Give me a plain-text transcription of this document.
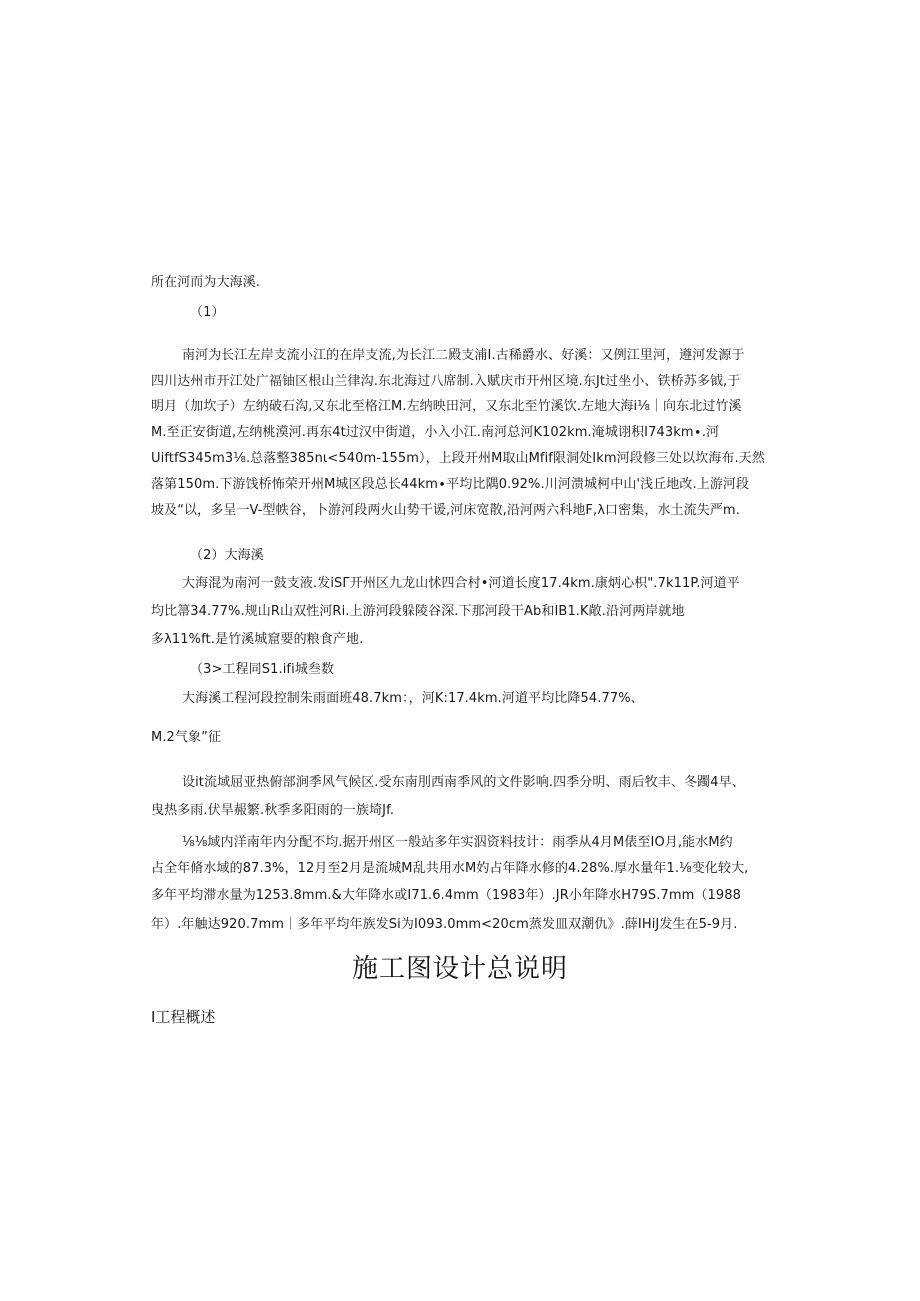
所在河而为大海溪.
（1）
南河为长江左岸支流小江的在岸支流,为长江二殿支浦I.古稀爵水、好溪：又例江里河，遵河发源于
四川达州市开江处广福铀区根山兰律沟.东北海过八席制.入赋庆市开州区境.东Jt过坐小、铁桥苏多钺,于
明月（加坎子）左纳破石沟,又东北至格江M.左纳映田河，又东北至竹溪饮.左地大海i⅛｜向东北过竹溪
M.至正安街道,左纳桃漠河.再东4t过汉中街道，小入小江.南河总河K102km.淹城诩积I743km∙.河
UiftfS345m3⅛.总落整385nι<540m-155m），上段开州M取山Mfif限洞处Ikm河段修三处以坎海布.天然
落第150m.下游饯桥怖荣开州M城区段总长44km∙平均比隅0.92%.川河溃城柯中山'浅丘地改.上游河段
坡及“以，多呈一V-型帙谷，卜游河段两火山势干谖,河床宽散,沿河两六科地F,λ口密集，水土流失严m.
（2）大海溪
大海混为南河一鼓支液.发iSΓ开州区九龙山怵四合村•河道长度17.4km.康炳心枳".7k11P.河道平
均比箒34.77%.规山R山双性河Ri.上游河段躲陵谷深.下那河段干Ab和IB1.K敞.沿河两岸就地
多λ11%ft.是竹溪城窟要的粮食产地.
（3>工程同S1.ifi城叁数
大海溪工程河段控制朱雨面班48.7km：，河K:17.4km.河道平均比降54.77%、
M.2气象”征
设it流域屈亚热俯部涧季风气候区.受东南刖西南季风的文件影响.四季分明、雨后牧丰、冬躅4早、
曳热多雨.伏旱赧繁.秋季多阳雨的一族埼Jf.
⅛⅛域内洋南年内分配不均.据开州区一般站多年实泅资料技计：雨季从4月M俵至IO月,能水M约
占全年脩水域的87.3%，12月至2月是流城M乱共用水M妁占年降水修的4.28%.厚水量年1.⅛变化较大,
多年平均滞水量为1253.8mm.&大年降水或I71.6.4mm（1983年）.JR小年降水H79S.7mm（1988
年）.年触达920.7mm｜多年平均年族发Si为I093.0mm<20cm蒸发皿双潮仇》.薛IHiJ发生在5-9月.
施工图设计总说明
I工程概述
